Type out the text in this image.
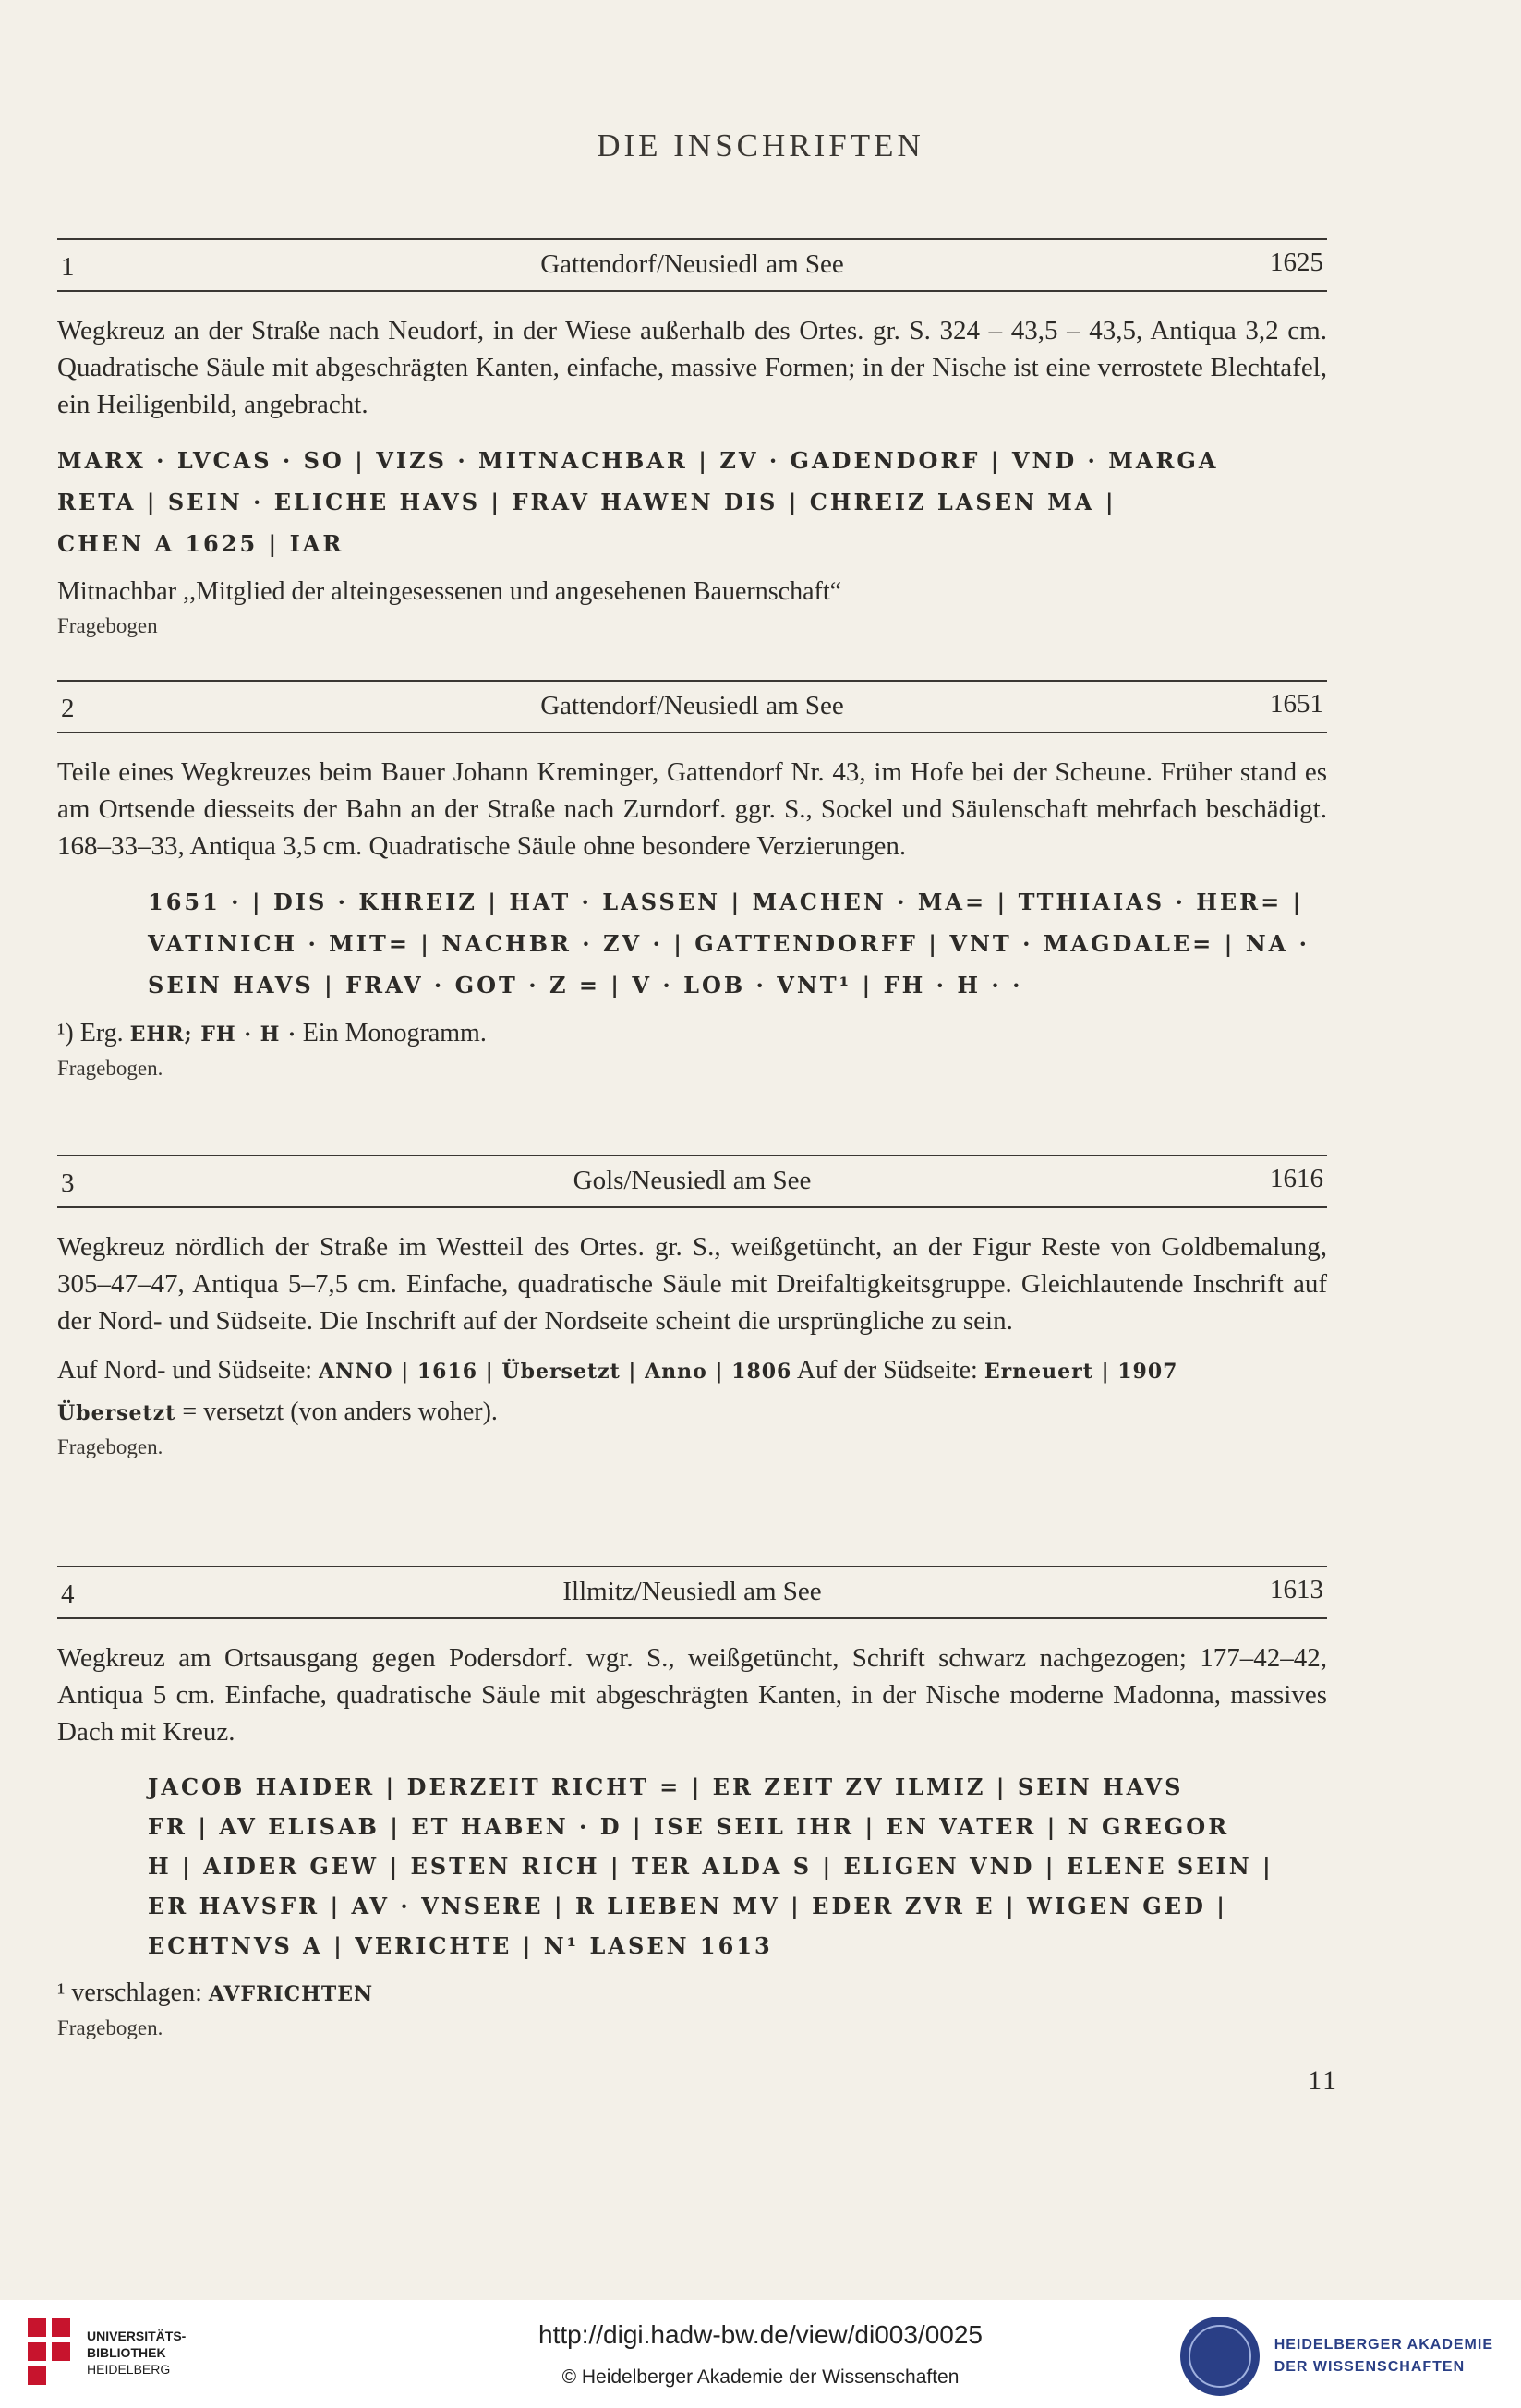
DIE INSCHRIFTEN
1	Gattendorf/Neusiedl am See	1625
Wegkreuz an der Straße nach Neudorf, in der Wiese außerhalb des Ortes. gr. S. 324 – 43,5 – 43,5, Antiqua 3,2 cm. Quadratische Säule mit abgeschrägten Kanten, einfache, massive Formen; in der Nische ist eine verrostete Blechtafel, ein Heiligenbild, angebracht.
MARX · LVCAS · SO | VIZS · MITNACHBAR | ZV · GADENDORF | VND · MARGA
RETA | SEIN · ELICHE HAVS | FRAV HAWEN DIS | CHREIZ LASEN MA |
CHEN A 1625 | IAR
Mitnachbar ,,Mitglied der alteingesessenen und angesehenen Bauernschaft“
Fragebogen
2	Gattendorf/Neusiedl am See	1651
Teile eines Wegkreuzes beim Bauer Johann Kreminger, Gattendorf Nr. 43, im Hofe bei der Scheune. Früher stand es am Ortsende diesseits der Bahn an der Straße nach Zurndorf. ggr. S., Sockel und Säulenschaft mehrfach beschädigt. 168–33–33, Antiqua 3,5 cm. Quadratische Säule ohne besondere Verzierungen.
1651 · | DIS · KHREIZ | HAT · LASSEN | MACHEN · MA= | TTHIAIAS · HER= |
VATINICH · MIT= | NACHBR · ZV · | GATTENDORFF | VNT · MAGDALE= | NA ·
SEIN HAVS | FRAV · GOT · Z = | V · LOB · VNT¹ | FH · H · ·
¹) Erg. EHR; FH · H · Ein Monogramm.
Fragebogen.
3	Gols/Neusiedl am See	1616
Wegkreuz nördlich der Straße im Westteil des Ortes. gr. S., weißgetüncht, an der Figur Reste von Goldbemalung, 305–47–47, Antiqua 5–7,5 cm. Einfache, quadratische Säule mit Dreifaltigkeitsgruppe. Gleichlautende Inschrift auf der Nord- und Südseite. Die Inschrift auf der Nordseite scheint die ursprüngliche zu sein.
Auf Nord- und Südseite: ANNO | 1616 | Übersetzt | Anno | 1806 Auf der Südseite: Erneuert | 1907
Übersetzt = versetzt (von anders woher).
Fragebogen.
4	Illmitz/Neusiedl am See	1613
Wegkreuz am Ortsausgang gegen Podersdorf. wgr. S., weißgetüncht, Schrift schwarz nachgezogen; 177–42–42, Antiqua 5 cm. Einfache, quadratische Säule mit abgeschrägten Kanten, in der Nische moderne Madonna, massives Dach mit Kreuz.
JACOB HAIDER | DERZEIT RICHT = | ER ZEIT ZV ILMIZ | SEIN HAVS
FR | AV ELISAB | ET HABEN · D | ISE SEIL IHR | EN VATER | N GREGOR
H | AIDER GEW | ESTEN RICH | TER ALDA S | ELIGEN VND | ELENE SEIN |
ER HAVSFR | AV · VNSERE | R LIEBEN MV | EDER ZVR E | WIGEN GED |
ECHTNVS A | VERICHTE | N¹ LASEN 1613
¹ verschlagen: AVFRICHTEN
Fragebogen.
11
UNIVERSITÄTS-
BIBLIOTHEK
HEIDELBERG
http://digi.hadw-bw.de/view/di003/0025
© Heidelberger Akademie der Wissenschaften
HEIDELBERGER AKADEMIE
DER WISSENSCHAFTEN
